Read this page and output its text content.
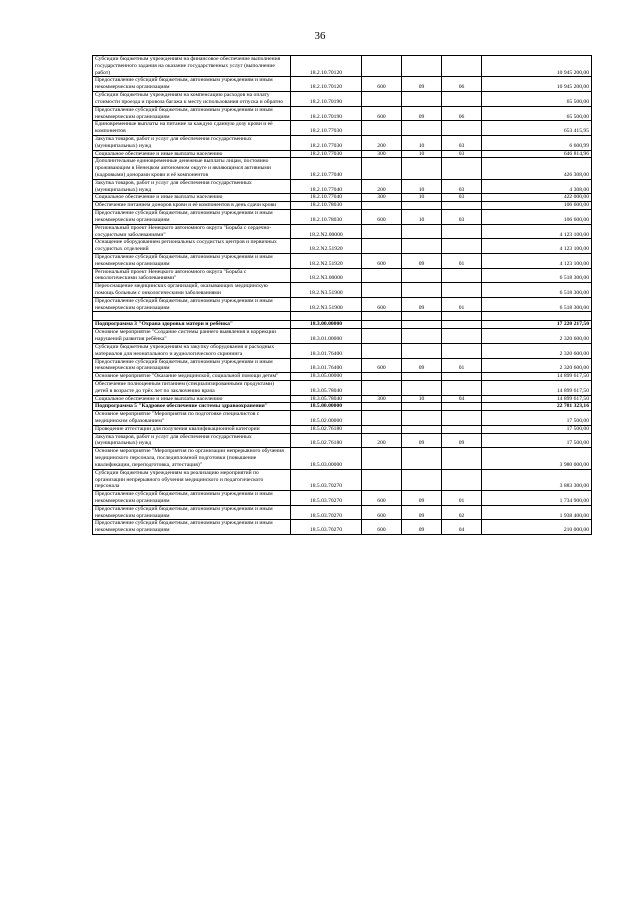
36
Субсидии бюджетным учреждениям на финансовое обеспечение выполнения государственного задания на оказание государственных услуг (выполнение работ)	18.2.10.70120				10 945 200,00
Предоставление субсидий бюджетным, автономным учреждениям и иным некоммерческим организациям	18.2.10.70120	600	09	06	10 945 200,00
Субсидии бюджетным учреждениям на компенсацию расходов на оплату стоимости проезда и провоза багажа к месту использования отпуска и обратно	18.2.10.70190				65 500,00
Предоставление субсидий бюджетным, автономным учреждениям и иным некоммерческим организациям	18.2.10.70190	600	09	06	65 500,00
Единовременные выплаты на питание за каждую сданную дозу крови и её компонентов	18.2.10.77030				653 415,95
Закупка товаров, работ и услуг для обеспечения государственных (муниципальных) нужд	18.2.10.77030	200	10	03	6 600,99
Социальное обеспечение и иные выплаты населению	18.2.10.77030	300	10	03	646 814,96
Дополнительные единовременные денежные выплаты лицам, постоянно проживающим в Ненецком автономном округе и являющимся активными (кадровыми) донорами крови и её компонентов	18.2.10.77040				426 308,00
Закупка товаров, работ и услуг для обеспечения государственных (муниципальных) нужд	18.2.10.77040	200	10	03	4 308,00
Социальное обеспечение и иные выплаты населению	18.2.10.77040	300	10	03	422 000,00
Обеспечение питанием доноров крови и её компонентов в день сдачи крови	18.2.10.78030				106 600,00
Предоставление субсидий бюджетным, автономным учреждениям и иным некоммерческим организациям	18.2.10.78030	600	10	03	106 600,00
Региональный проект Ненецкого автономного округа "Борьба с сердечно-сосудистыми заболеваниями"	18.2.N2.00000				4 123 100,00
Оснащение оборудованием региональных сосудистых центров и первичных сосудистых отделений	18.2.N2.51920				4 123 100,00
Предоставление субсидий бюджетным, автономным учреждениям и иным некоммерческим организациям	18.2.N2.51920	600	09	01	4 123 100,00
Региональный проект Ненецкого автономного округа "Борьба с онкологическими заболеваниями"	18.2.N3.00000				6 518 300,00
Переоснащение медицинских организаций, оказывающих медицинскую помощь больным с онкологическими заболеваниями	18.2.N3.51900				6 518 300,00
Предоставление субсидий бюджетным, автономным учреждениям и иным некоммерческим организациям	18.2.N3.51900	600	09	01	6 518 300,00

Подпрограмма 3 "Охрана здоровья матери и ребёнка"	18.3.00.00000				17 220 217,50
Основное мероприятие "Создание системы раннего выявления и коррекции нарушений развития ребёнка"	18.3.01.00000				2 320 600,00
Субсидии бюджетным учреждениям на закупку оборудования и расходных материалов для неонатального и аудиологического скрининга	18.3.01.76400				2 320 600,00
Предоставление субсидий бюджетным, автономным учреждениям и иным некоммерческим организациям	18.3.01.76400	600	09	01	2 320 600,00
Основное мероприятие "Оказание медицинской, социальной помощи детям"	18.3.05.00000				14 899 617,50
Обеспечение полноценным питанием (специализированными продуктами) детей в возрасте до трёх лет по заключению врача	18.3.05.78040				14 899 617,50
Социальное обеспечение и иные выплаты населению	18.3.05.78040	300	10	04	14 899 617,50
Подпрограмма 5 "Кадровое обеспечение системы здравоохранения"	18.5.00.00000				22 781 323,16
Основное мероприятие "Мероприятия по подготовке специалистов с медицинским образованием"	18.5.02.00000				17 500,00
Проведение аттестации для получения квалификационной категории	18.5.02.76180				17 500,00
Закупка товаров, работ и услуг для обеспечения государственных (муниципальных) нужд	18.5.02.76180	200	09	09	17 500,00
Основное мероприятие "Мероприятия по организации непрерывного обучения медицинского персонала, последипломной подготовки (повышение квалификации, переподготовка, аттестация)"	18.5.03.00000				3 980 000,00
Субсидии бюджетным учреждениям на реализацию мероприятий по организации непрерывного обучения медицинского и педагогического персонала	18.5.03.70270				3 883 300,00
Предоставление субсидий бюджетным, автономным учреждениям и иным некоммерческим организациям	18.5.03.70270	600	09	01	1 734 900,00
Предоставление субсидий бюджетным, автономным учреждениям и иным некоммерческим организациям	18.5.03.70270	600	09	02	1 938 400,00
Предоставление субсидий бюджетным, автономным учреждениям и иным некоммерческим организациям	18.5.03.70270	600	09	04	210 000,00
